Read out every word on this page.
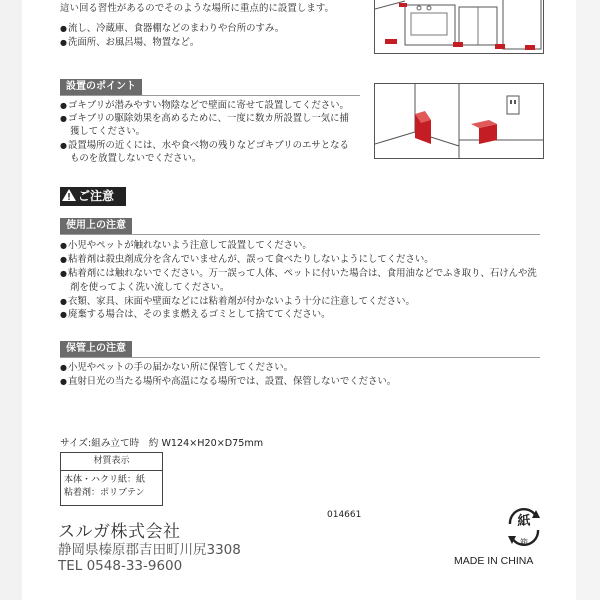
這い回る習性があるのでそのような場所に重点的に設置します。
● 流し、冷蔵庫、食器棚などのまわりや台所のすみ。
● 洗面所、お風呂場、物置など。
設置のポイント
● ゴキブリが潜みやすい物陰などで壁面に寄せて設置してください。
● ゴキブリの駆除効果を高めるために、一度に数カ所設置し一気に捕
獲してください。
● 設置場所の近くには、水や食べ物の残りなどゴキブリのエサとなる
ものを放置しないでください。
ご注意
使用上の注意
● 小児やペットが触れないよう注意して設置してください。
● 粘着剤は殺虫剤成分を含んでいませんが、誤って食べたりしないようにしてください。
● 粘着剤には触れないでください。万一誤って人体、ペットに付いた場合は、食用油などでふき取り、石けんや洗
剤を使ってよく洗い流してください。
● 衣類、家具、床面や壁面などには粘着剤が付かないよう十分に注意してください。
● 廃棄する場合は、そのまま燃えるゴミとして捨ててください。
保管上の注意
● 小児やペットの手の届かない所に保管してください。
● 直射日光の当たる場所や高温になる場所では、設置、保管しないでください。
サイズ:組み立て時　約 W124×H20×D75mm
材質表示
本体・ハクリ紙：紙
粘着剤：ポリブテン
014661
スルガ株式会社
静岡県榛原郡吉田町川尻3308
TEL 0548-33-9600
紙
箱
MADE IN CHINA
